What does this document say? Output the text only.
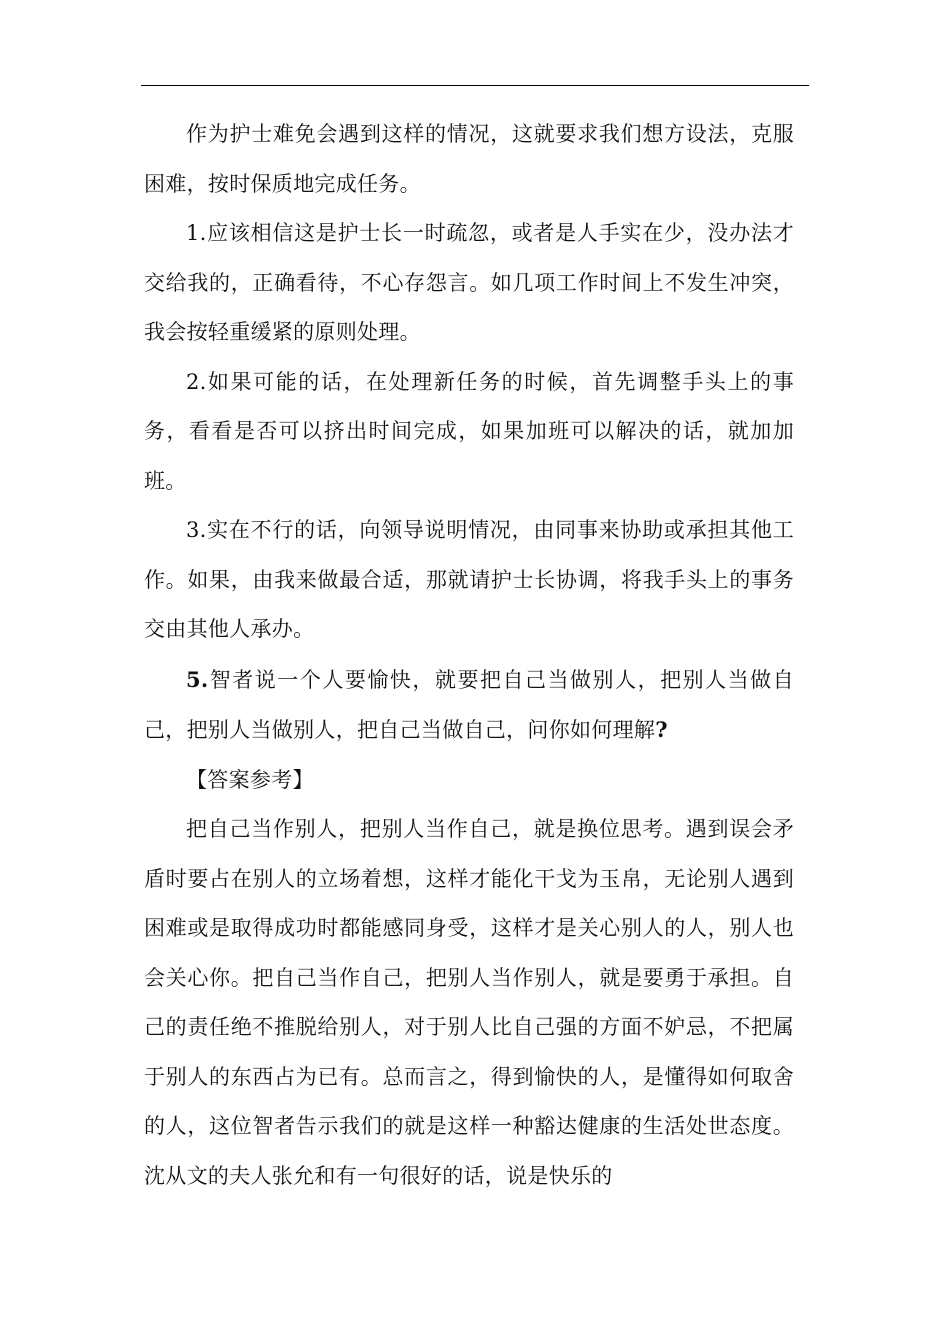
作为护士难免会遇到这样的情况，这就要求我们想方设法，克服困难，按时保质地完成任务。

1.应该相信这是护士长一时疏忽，或者是人手实在少，没办法才交给我的，正确看待，不心存怨言。如几项工作时间上不发生冲突，我会按轻重缓紧的原则处理。

2.如果可能的话，在处理新任务的时候，首先调整手头上的事务，看看是否可以挤出时间完成，如果加班可以解决的话，就加加班。

3.实在不行的话，向领导说明情况，由同事来协助或承担其他工作。如果，由我来做最合适，那就请护士长协调，将我手头上的事务交由其他人承办。

5.智者说一个人要愉快，就要把自己当做别人，把别人当做自己，把别人当做别人，把自己当做自己，问你如何理解?

【答案参考】

把自己当作别人，把别人当作自己，就是换位思考。遇到误会矛盾时要占在别人的立场着想，这样才能化干戈为玉帛，无论别人遇到困难或是取得成功时都能感同身受，这样才是关心别人的人，别人也会关心你。把自己当作自己，把别人当作别人，就是要勇于承担。自己的责任绝不推脱给别人，对于别人比自己强的方面不妒忌，不把属于别人的东西占为已有。总而言之，得到愉快的人，是懂得如何取舍的人，这位智者告示我们的就是这样一种豁达健康的生活处世态度。沈从文的夫人张允和有一句很好的话，说是快乐的
